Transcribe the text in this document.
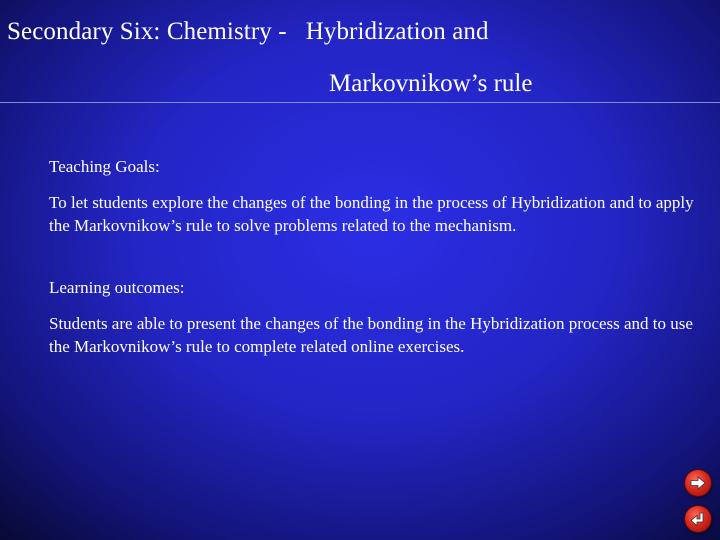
Secondary Six: Chemistry -   Hybridization and
Markovnikow’s rule
Teaching Goals:
To let students explore the changes of the bonding in the process of Hybridization and to apply the Markovnikow’s rule to solve problems related to the mechanism.
Learning outcomes:
Students are able to present the changes of the bonding in the Hybridization process and to use the Markovnikow’s rule to complete related online exercises.
